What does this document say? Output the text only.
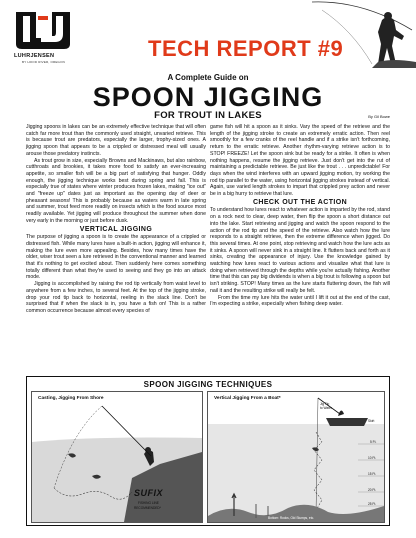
LUHRJENSEN
BY HOOD RIVER, OREGON
TECH REPORT #9
A Complete Guide on
SPOON JIGGING
FOR TROUT IN LAKES	By Gil Bowe

Jigging spoons in lakes can be an extremely effective technique that will often catch far more trout than the commonly used straight, unvaried retrieve. This is because trout are predators, especially the larger, trophy-sized ones. A jigging spoon that appears to be a crippled or distressed meal will usually arouse those predatory instincts.

As trout grow in size, especially Browns and Mackinaws, but also rainbow, cutthroats and brookies, it takes more food to satisfy an ever-increasing appetite, so smaller fish will be a big part of satisfying that hunger. Oddly enough, the jigging technique works best during spring and fall. This is especially true of states where winter produces frozen lakes, making "ice out" and "freeze up" dates just as important as the opening day of deer or pheasant seasons! This is probably because as waters warm in late spring and summer, trout feed more readily on insects which is the food source most readily available. Yet jigging will produce throughout the summer when done very early in the morning or just before dusk.

VERTICAL JIGGING

The purpose of jigging a spoon is to create the appearance of a crippled or distressed fish. While many lures have a built-in action, jigging will enhance it, making the lure even more appealing. Besides, how many times have the older, wiser trout seen a lure retrieved in the conventional manner and learned that it's nothing to get excited about. Then suddenly here comes something totally different than what they're used to seeing and they go into an attack mode.

Jigging is accomplished by raising the rod tip vertically from waist level to anywhere from a few inches, to several feet. At the top of the jigging stroke, drop your rod tip back to horizontal, reeling in the slack line. Don't be surprised that if when the slack is in, you have a fish on! This is a rather common occurrence because almost every species of

game fish will hit a spoon as it sinks. Vary the speed of the retrieve and the length of the jigging stroke to create an extremely erratic action. Then reel smoothly for a few cranks of the reel handle and if a strike isn't forthcoming, return to the erratic retrieve. Another rhythm-varying retrieve action is to STOP! FREEZE! Let the spoon sink but be ready for a strike. It often is when nothing happens, resume the jigging retrieve. Just don't get into the rut of maintaining a predictable retrieve. Be just like the trout . . . unpredictable! For days when the wind interferes with an upward jigging motion, try working the rod tip parallel to the water, using horizontal jigging strokes instead of vertical. Again, use varied length strokes to impart that crippled prey action and never be in a big hurry to retrieve that lure.

CHECK OUT THE ACTION

To understand how lures react to whatever action is imparted by the rod, stand on a rock next to clear, deep water, then flip the spoon a short distance out into the lake. Start retrieving and jigging and watch the spoon respond to the action of the rod tip and the speed of the retrieve. Also watch how the lure responds to a straight retrieve, then the extreme difference when jigged. Do this several times. At one point, stop retrieving and watch how the lure acts as it sinks. A spoon will never sink in a straight line. It flutters back and forth as it sinks, creating the appearance of injury. Use the knowledge gained by watching how lures react to various actions and visualize what that lure is doing when retrieved through the depths while you're actually fishing. Another time that this can pay big dividends is when a big trout is following a spoon but isn't striking. STOP! Many times as the lure starts fluttering down, the fish will nail it and the resulting strike will really be felt.

From the time my lure hits the water until I lift it out at the end of the cast, I'm expecting a strike, especially when fishing deep water.

SPOON JIGGING TECHNIQUES
Casting, Jigging From Shore
SUFIX
FISHING LINE
RECOMMENDED*
Vertical Jigging From a Boat*
Jig Tip
to Water
Skirt
5 Ft.
10 Ft.
15 Ft.
20 Ft.
25 Ft.
Bottom: Rocks, Old Stumps, etc.
